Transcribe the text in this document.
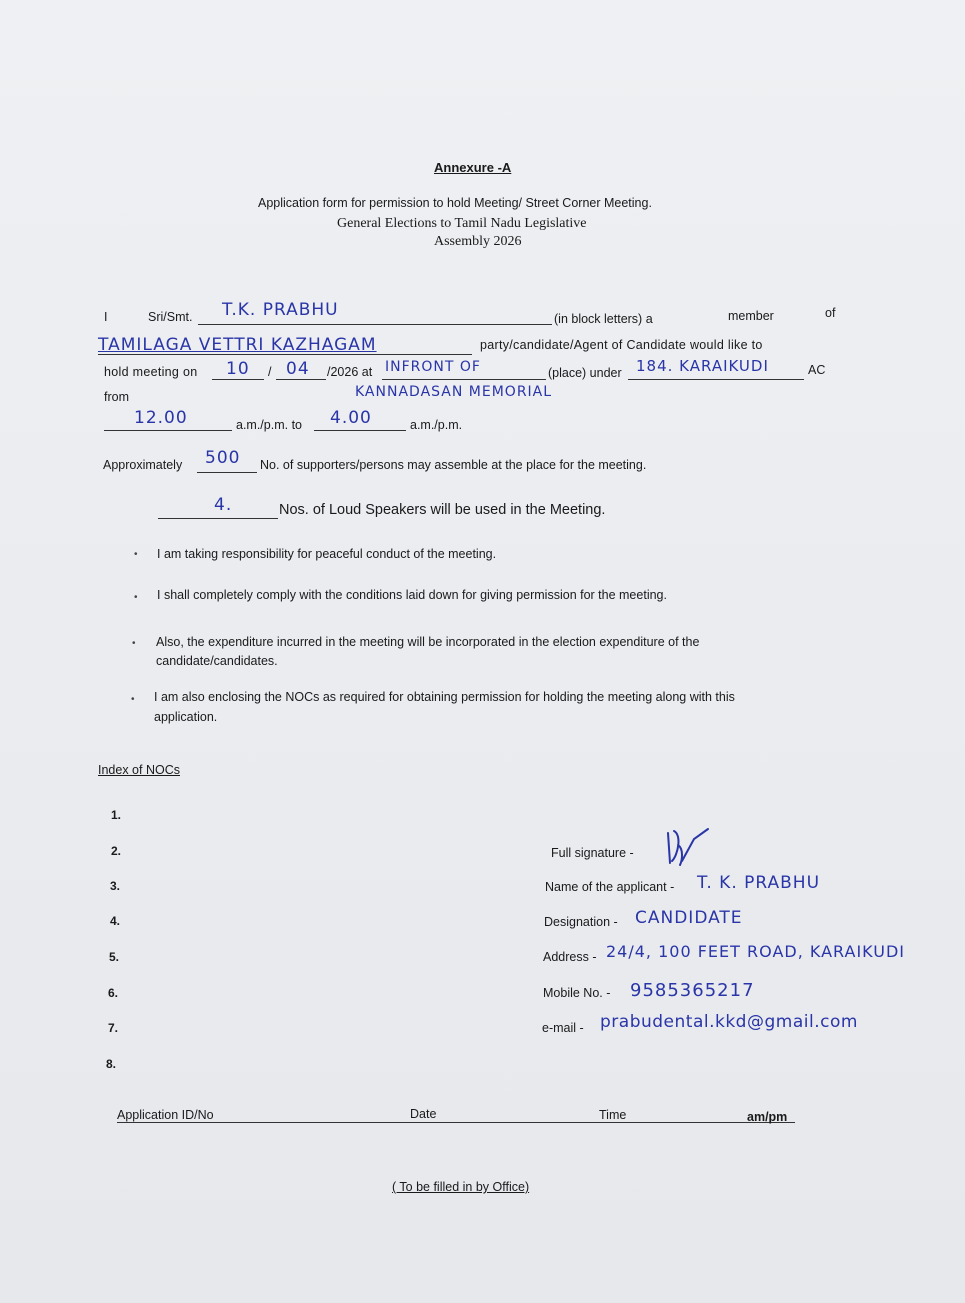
Annexure -A
Application form for permission to hold Meeting/ Street Corner Meeting.
General Elections to Tamil Nadu Legislative
Assembly 2026
I	Sri/Smt. T.K. PRABHU	(in block letters) a	member	of
TAMILAGA VETTRI KAZHAGAM	party/candidate/Agent of Candidate would like to
hold meeting on 10 / 04 /2026 at INFRONT OF	(place) under 184. KARAIKUDI	AC
from	KANNADASAN MEMORIAL
12.00	a.m./p.m. to 4.00	a.m./p.m.
Approximately 500 No. of supporters/persons may assemble at the place for the meeting.
4.	Nos. of Loud Speakers will be used in the Meeting.
• I am taking responsibility for peaceful conduct of the meeting.
• I shall completely comply with the conditions laid down for giving permission for the meeting.
• Also, the expenditure incurred in the meeting will be incorporated in the election expenditure of the
candidate/candidates.
• I am also enclosing the NOCs as required for obtaining permission for holding the meeting along with this
application.
Index of NOCs
1.
2.
3.
4.
5.
6.
7.
8.
Full signature -
Name of the applicant - T. K. PRABHU
Designation - CANDIDATE
Address - 24/4, 100 FEET ROAD, KARAIKUDI
Mobile No. - 9585365217
e-mail - prabudental.kkd@gmail.com
Application ID/No	Date	Time	am/pm
( To be filled in by Office)
